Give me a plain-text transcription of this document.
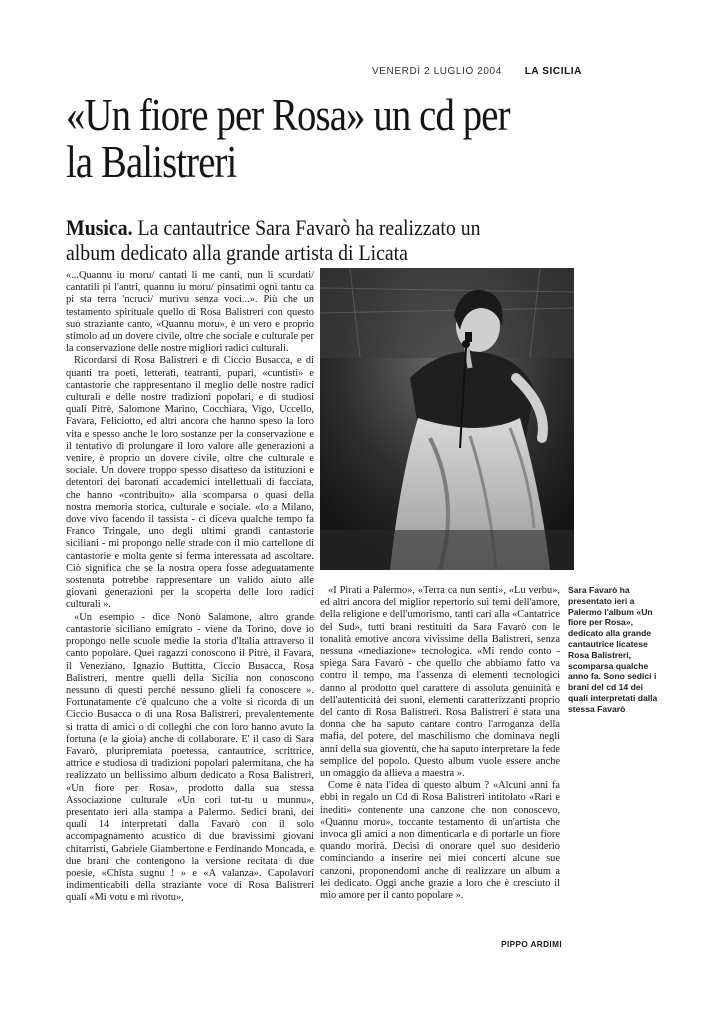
VENERDÌ 2 LUGLIO 2004 LA SICILIA
«Un fiore per Rosa» un cd per la Balistreri
Musica. La cantautrice Sara Favarò ha realizzato un album dedicato alla grande artista di Licata

«...Quannu iu moru/ cantati li me canti, nun li scurdati/ cantatili pi l'antri, quannu iu moru/ pinsatimi ogni tantu ca pi sta terra 'ncruci/ murivu senza voci...». Più che un testamento spirituale quello di Rosa Balistreri con questo suo straziante canto, «Quannu moru», è un vero e proprio stimolo ad un dovere civile, oltre che sociale e culturale per la conservazione delle nostre migliori radici culturali.

Ricordarsi di Rosa Balistreri e di Ciccio Busacca, e di quanti tra poeti, letterati, teatranti, pupari, «cuntisti» e cantastorie che rappresentano il meglio delle nostre radici culturali e delle nostre tradizioni popolari, e di studiosi quali Pitrè, Salomone Marino, Cocchiara, Vigo, Uccello, Favara, Feliciotto, ed altri ancora che hanno speso la loro vita e spesso anche le loro sostanze per la conservazione e il tentativo di prolungare il loro valore alle generazioni a venire, è proprio un dovere civile, oltre che culturale e sociale. Un dovere troppo spesso disatteso da istituzioni e detentori dei baronati accademici intellettuali di facciata, che hanno «contribuito» alla scomparsa o quasi della nostra memoria storica, culturale e sociale. «Io a Milano, dove vivo facendo il tassista - ci diceva qualche tempo fa Franco Tringale, uno degli ultimi grandi cantastorie siciliani - mi propongo nelle strade con il mio cartellone di cantastorie e molta gente si ferma interessata ad ascoltare. Ciò significa che se la nostra opera fosse adeguatamente sostenuta potrebbe rappresentare un valido aiuto alle giovani generazioni per la scoperta delle loro radici culturali ».

«Un esempio - dice Nonò Salamone, altro grande cantastorie siciliano emigrato - viene da Torino, dove io propongo nelle scuole medie la storia d'Italia attraverso il canto popolare. Quei ragazzi conoscono il Pitrè, il Favara, il Veneziano, Ignazio Buttitta, Ciccio Busacca, Rosa Balistreri, mentre quelli della Sicilia non conoscono nessuno di questi perché nessuno glieli fa conoscere ». Fortunatamente c'è qualcuno che a volte si ricorda di un Ciccio Busacca o di una Rosa Balistreri, prevalentemente si tratta di amici o di colleghi che con loro hanno avuto la fortuna (e la gioia) anche di collaborare. E' il caso di Sara Favarò, pluripremiata poetessa, cantautrice, scrittrice, attrice e studiosa di tradizioni popolari palermitana, che ha realizzato un bellissimo album dedicato a Rosa Balistreri, «Un fiore per Rosa», prodotto dalla sua stessa Associazione culturale «Un cori tut-tu u munnu», presentato ieri alla stampa a Palermo. Sedici brani, dei quali 14 interpretati dalla Favarò con il solo accompagnamento acustico di due bravissimi giovani chitarristi, Gabriele Giambertone e Ferdinando Moncada, e due brani che contengono la versione recitata di due poesie, «Chista sugnu ! » e «A valanza». Capolavori indimenticabili della straziante voce di Rosa Balistreri quali «Mi votu e mi rivotu»,

«I Pirati a Palermo», «Terra ca nun senti», «Lu verbu», ed altri ancora del miglior repertorio sui temi dell'amore, della religione e dell'umorismo, tanti cari alla «Cantatrice del Sud», tutti brani restituiti da Sara Favarò con le tonalità emotive ancora vivissime della Balistreri, senza nessuna «mediazione» tecnologica. «Mi rendo conto - spiega Sara Favarò - che quello che abbiamo fatto va contro il tempo, ma l'assenza di elementi tecnologici danno al prodotto quel carattere di assoluta genuinità e dell'autenticità dei suoni, elementi caratterizzanti proprio del canto di Rosa Balistreri. Rosa Balistreri è stata una donna che ha saputo cantare contro l'arroganza della mafia, del potere, del maschilismo che dominava negli anni della sua gioventù, che ha saputo interpretare la fede semplice del popolo. Questo album vuole essere anche un omaggio da allieva a maestra ».

Come è nata l'idea di questo album ? «Alcuni anni fa ebbi in regalo un Cd di Rosa Balistreri intitolato «Rari e inediti» contenente una canzone che non conoscevo, «Quannu moru», toccante testamento di un'artista che invoca gli amici a non dimenticarla e di portarle un fiore quando morirà. Decisi di onorare quel suo desiderio cominciando a inserire nei miei concerti alcune sue canzoni, proponendomi anche di realizzare un album a lei dedicato. Oggi anche grazie a loro che è cresciuto il mio amore per il canto popolare ».

Sara Favarò ha presentato ieri a Palermo l'album «Un fiore per Rosa», dedicato alla grande cantautrice licatese Rosa Balistreri, scomparsa qualche anno fa. Sono sedici i brani del cd 14 dei quali interpretati dalla stessa Favarò
PIPPO ARDIMI
